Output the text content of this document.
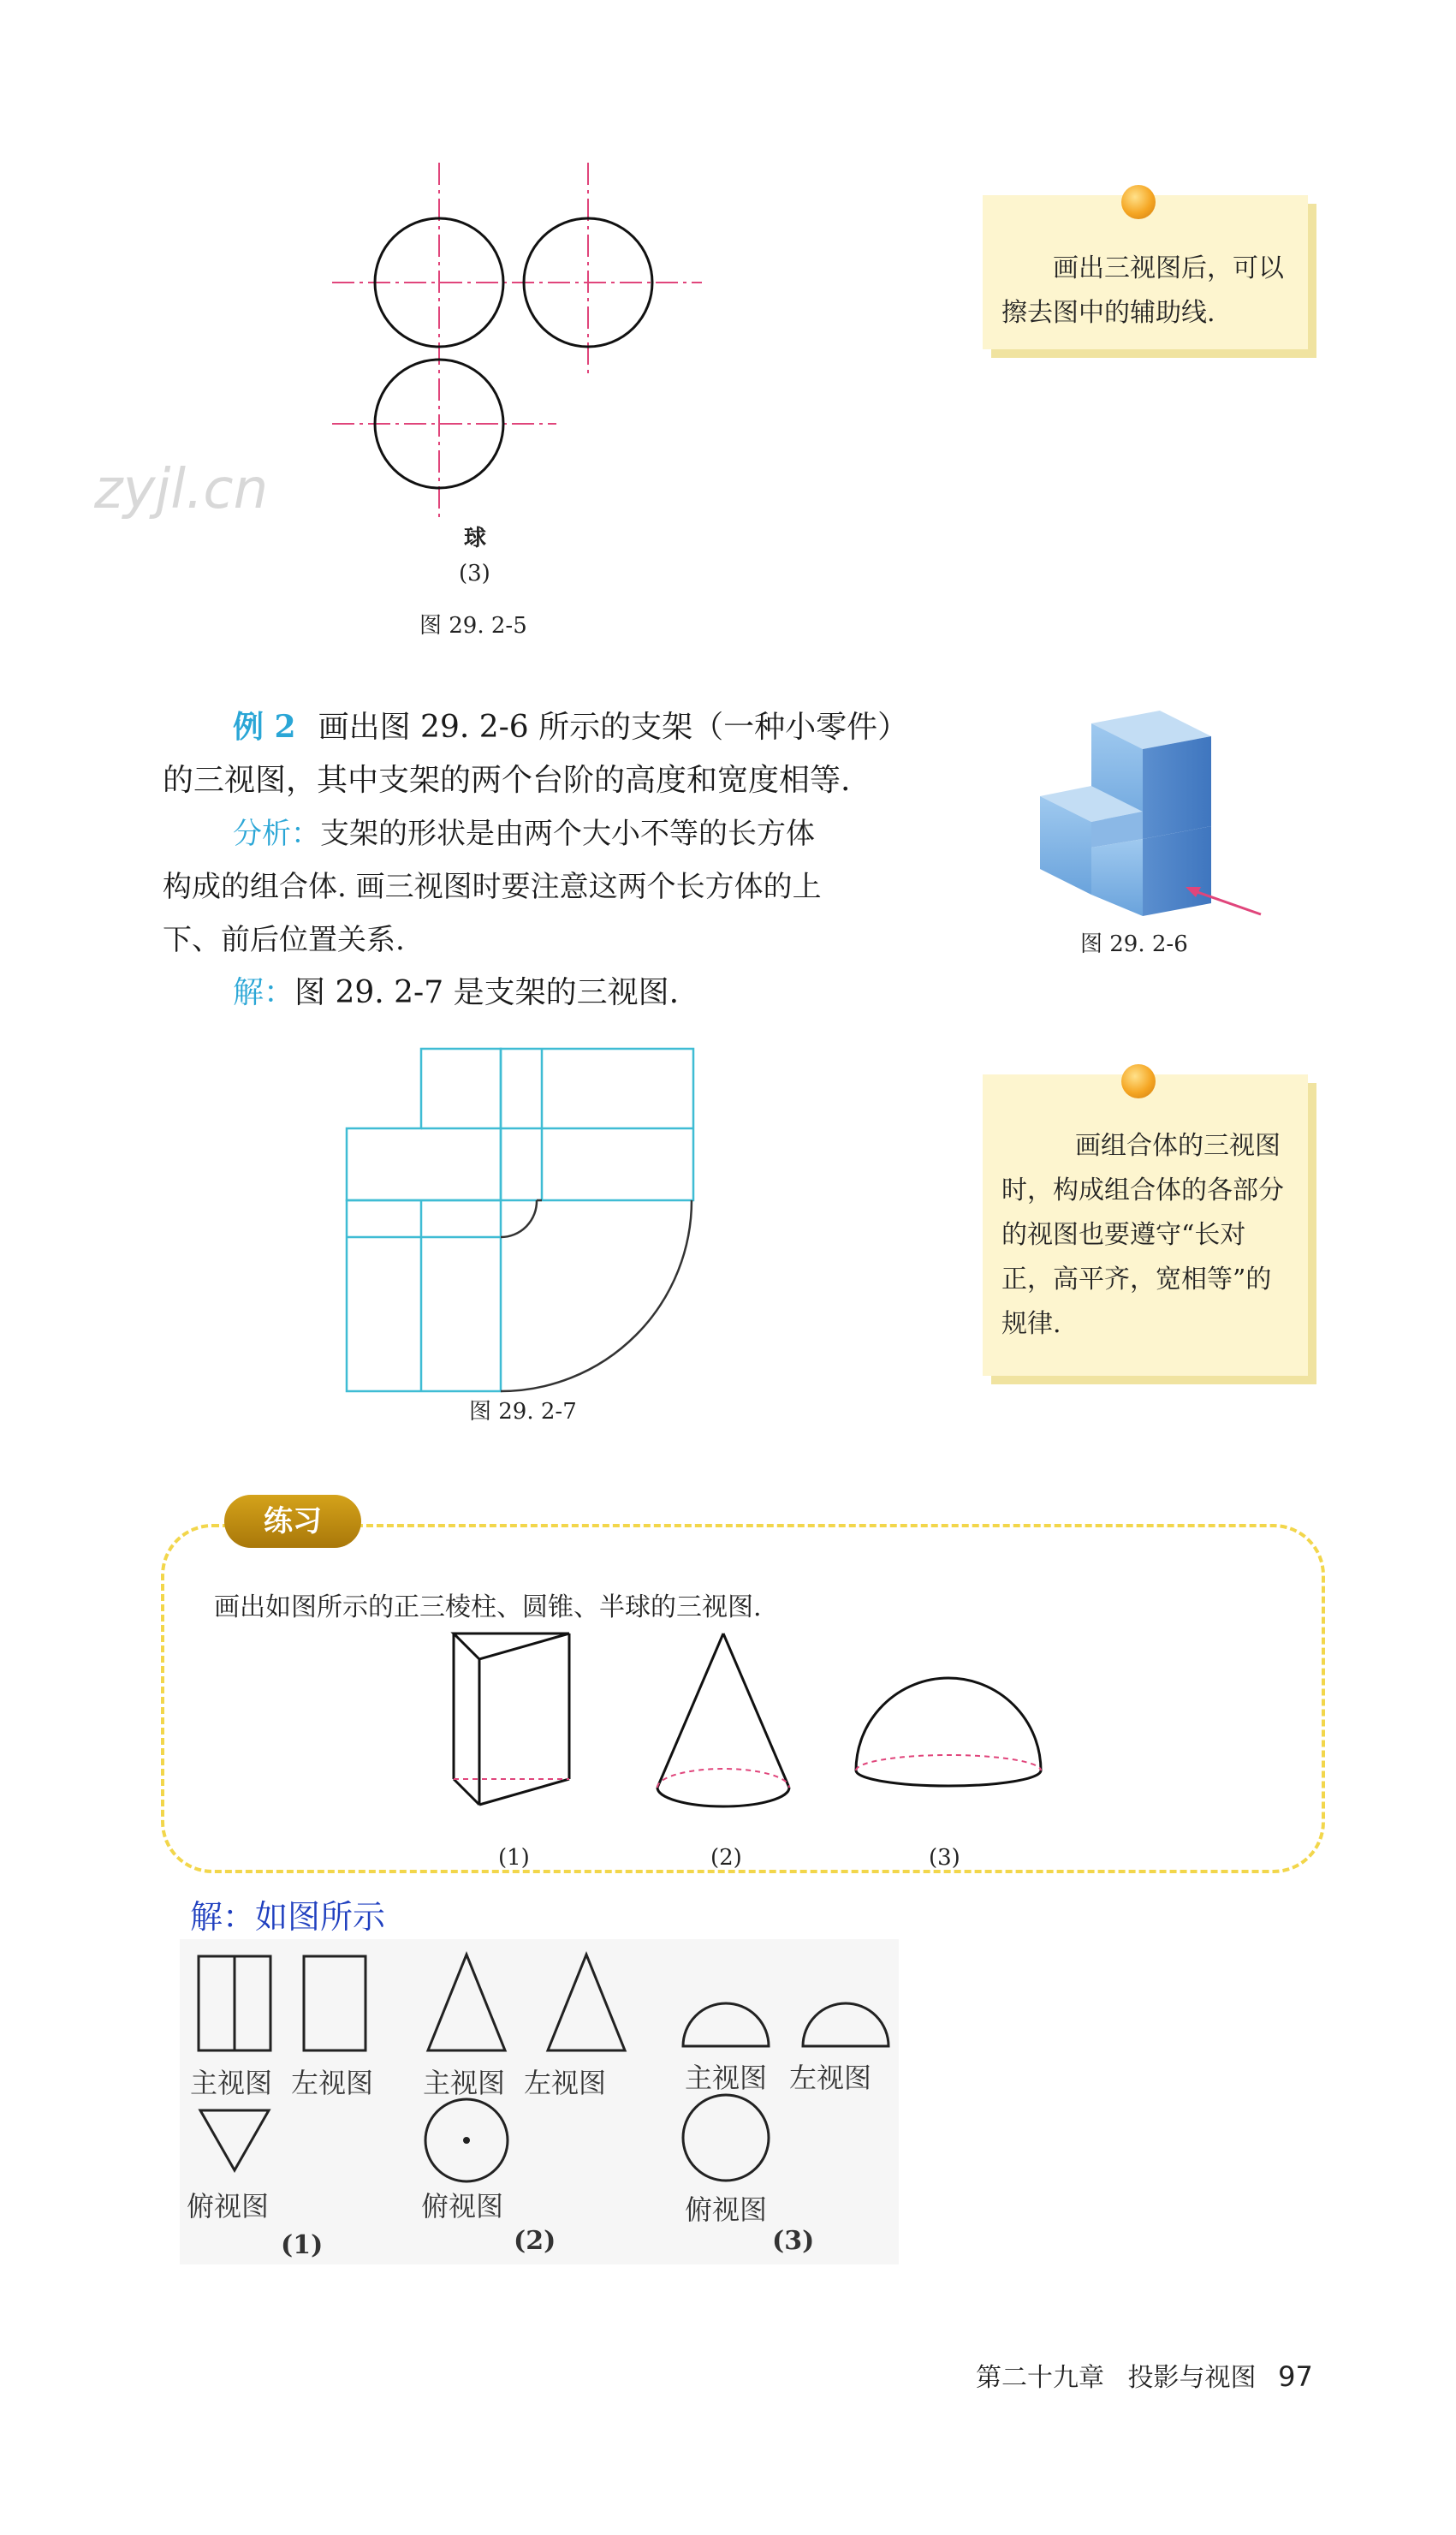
zyjl.cn
球
(3)
图 29. 2-5
画出三视图后，可以擦去图中的辅助线.
例 2 画出图 29. 2-6 所示的支架（一种小零件）
的三视图，其中支架的两个台阶的高度和宽度相等.
分析：支架的形状是由两个大小不等的长方体
构成的组合体. 画三视图时要注意这两个长方体的上
下、前后位置关系.
解：图 29. 2-7 是支架的三视图.
图 29. 2-6
图 29. 2-7
画组合体的三视图时，构成组合体的各部分的视图也要遵守“长对正，高平齐，宽相等”的规律.
练习
画出如图所示的正三棱柱、圆锥、半球的三视图.
(1)	(2)	(3)
解：如图所示
主视图 左视图 主视图 左视图	主视图 左视图
俯视图	俯视图	俯视图
(1)	(2)	(3)
第二十九章 投影与视图 97
